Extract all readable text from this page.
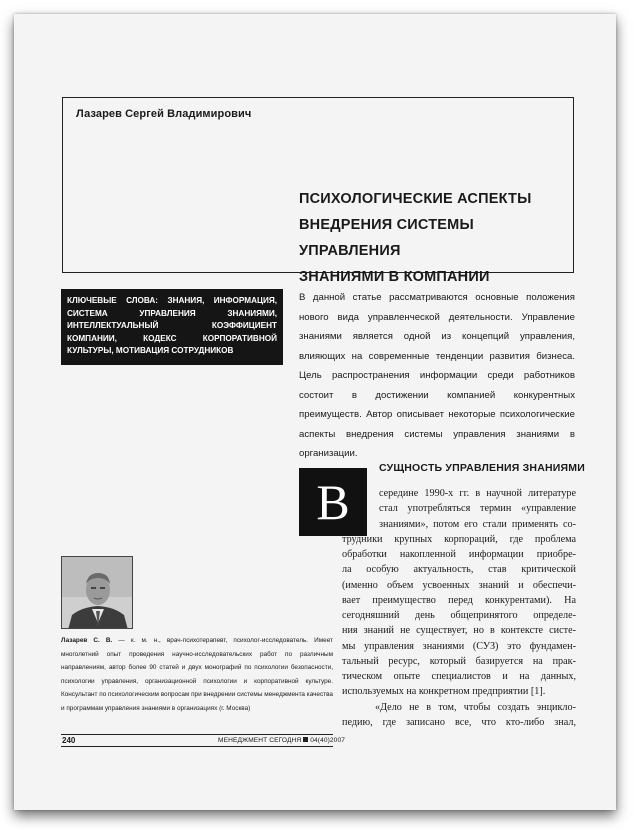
Лазарев Сергей Владимирович
ПСИХОЛОГИЧЕСКИЕ АСПЕКТЫ
ВНЕДРЕНИЯ СИСТЕМЫ УПРАВЛЕНИЯ
ЗНАНИЯМИ В КОМПАНИИ
КЛЮЧЕВЫЕ СЛОВА: ЗНАНИЯ, ИНФОРМАЦИЯ, СИСТЕМА УПРАВЛЕНИЯ ЗНАНИЯМИ, ИНТЕЛЛЕКТУАЛЬНЫЙ КОЭФФИЦИЕНТ КОМПАНИИ, КОДЕКС КОРПОРАТИВНОЙ КУЛЬТУРЫ, МОТИВАЦИЯ СОТРУДНИКОВ

В данной статье рассматриваются основные положения нового вида управленческой деятельности. Управление знаниями является одной из концепций управления, влияющих на современные тенденции развития бизнеса. Цель распространения информации среди работников состоит в достижении компанией конкурентных преимуществ. Автор описывает некоторые психологические аспекты внедрения системы управления знаниями в организации.

СУЩНОСТЬ УПРАВЛЕНИЯ ЗНАНИЯМИ
В	середине 1990-х гг. в научной литературе
стал употребляться термин «управление
знаниями», потом его стали применять со-
трудники крупных корпораций, где проблема
обработки накопленной информации приобре-
ла особую актуальность, став критической
(именно объем усвоенных знаний и обеспечи-
вает преимущество перед конкурентами). На
сегодняшний день общепринятого определе-
ния знаний не существует, но в контексте систе-
мы управления знаниями (СУЗ) это фундамен-
тальный ресурс, который базируется на прак-
тическом опыте специалистов и на данных,
используемых на конкретном предприятии [1].
«Дело не в том, чтобы создать энциклo-
педию, где записано все, что кто-либо знал,

Лазарев С. В. — к. м. н., врач-психотерапевт, психолог-исследователь. Имеет многолетний опыт проведения научно-исследовательских работ по различным направлениям, автор более 90 статей и двух монографий по психологии безопасности, психологии управления, организационной психологии и корпоративной культуре. Консультант по психологическим вопросам при внедрении системы менеджмента качества и программам управления знаниями в организациях (г. Москва)

240	МЕНЕДЖМЕНТ СЕГОДНЯ 04(40)2007
